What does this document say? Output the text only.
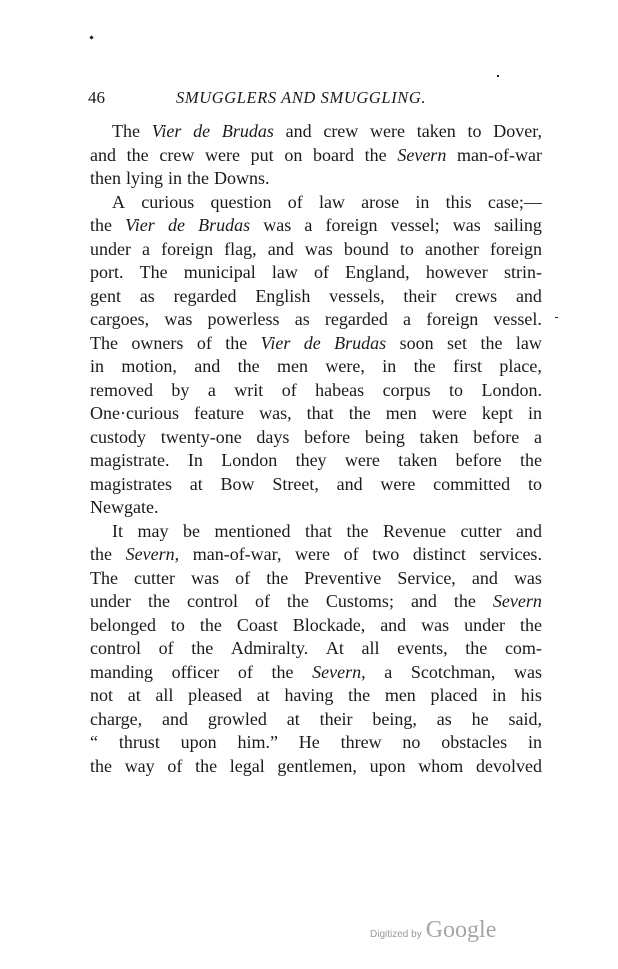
46	SMUGGLERS AND SMUGGLING.
The Vier de Brudas and crew were taken to Dover,
and the crew were put on board the Severn man-of-war
then lying in the Downs.
A curious question of law arose in this case;—
the Vier de Brudas was a foreign vessel; was sailing
under a foreign flag, and was bound to another foreign
port. The municipal law of England, however strin-
gent as regarded English vessels, their crews and
cargoes, was powerless as regarded a foreign vessel.
The owners of the Vier de Brudas soon set the law
in motion, and the men were, in the first place,
removed by a writ of habeas corpus to London.
One·curious feature was, that the men were kept in
custody twenty-one days before being taken before a
magistrate. In London they were taken before the
magistrates at Bow Street, and were committed to
Newgate.
It may be mentioned that the Revenue cutter and
the Severn, man-of-war, were of two distinct services.
The cutter was of the Preventive Service, and was
under the control of the Customs; and the Severn
belonged to the Coast Blockade, and was under the
control of the Admiralty. At all events, the com-
manding officer of the Severn, a Scotchman, was
not at all pleased at having the men placed in his
charge, and growled at their being, as he said,
“ thrust upon him.” He threw no obstacles in
the way of the legal gentlemen, upon whom devolved
Digitized by Google
